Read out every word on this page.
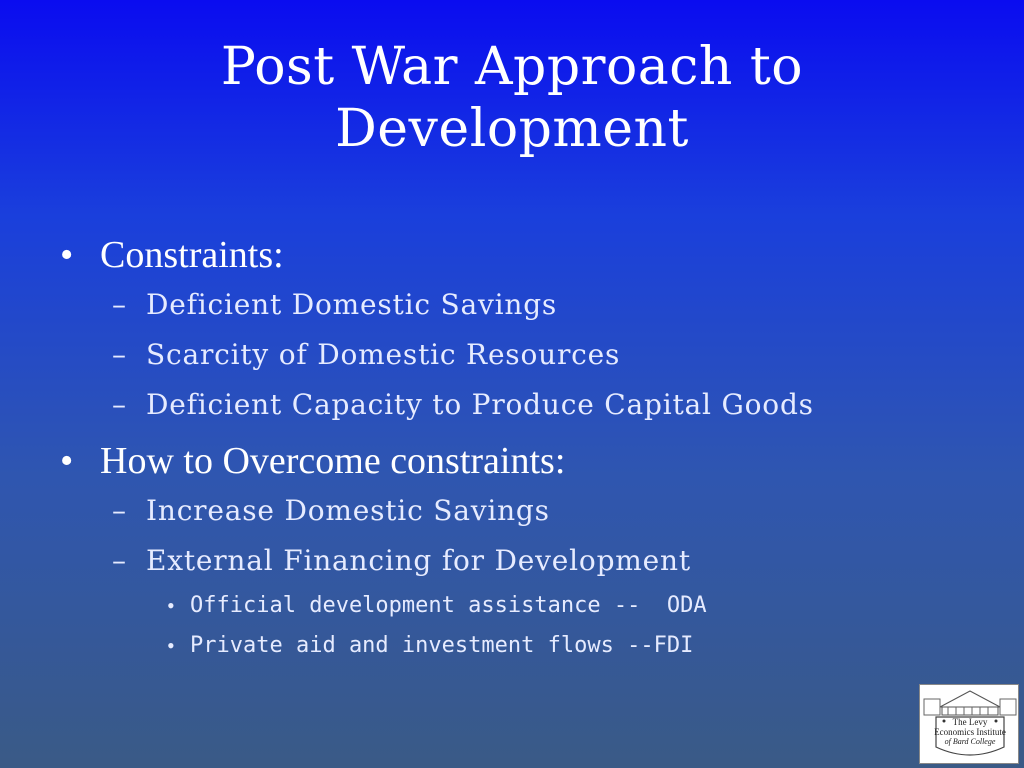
Post War Approach to
Development
• Constraints:
– Deficient Domestic Savings
– Scarcity of Domestic Resources
– Deficient Capacity to Produce Capital Goods
• How to Overcome constraints:
– Increase Domestic Savings
– External Financing for Development
• Official development assistance --  ODA
• Private aid and investment flows --FDI
The Levy
Economics Institute
of Bard College
